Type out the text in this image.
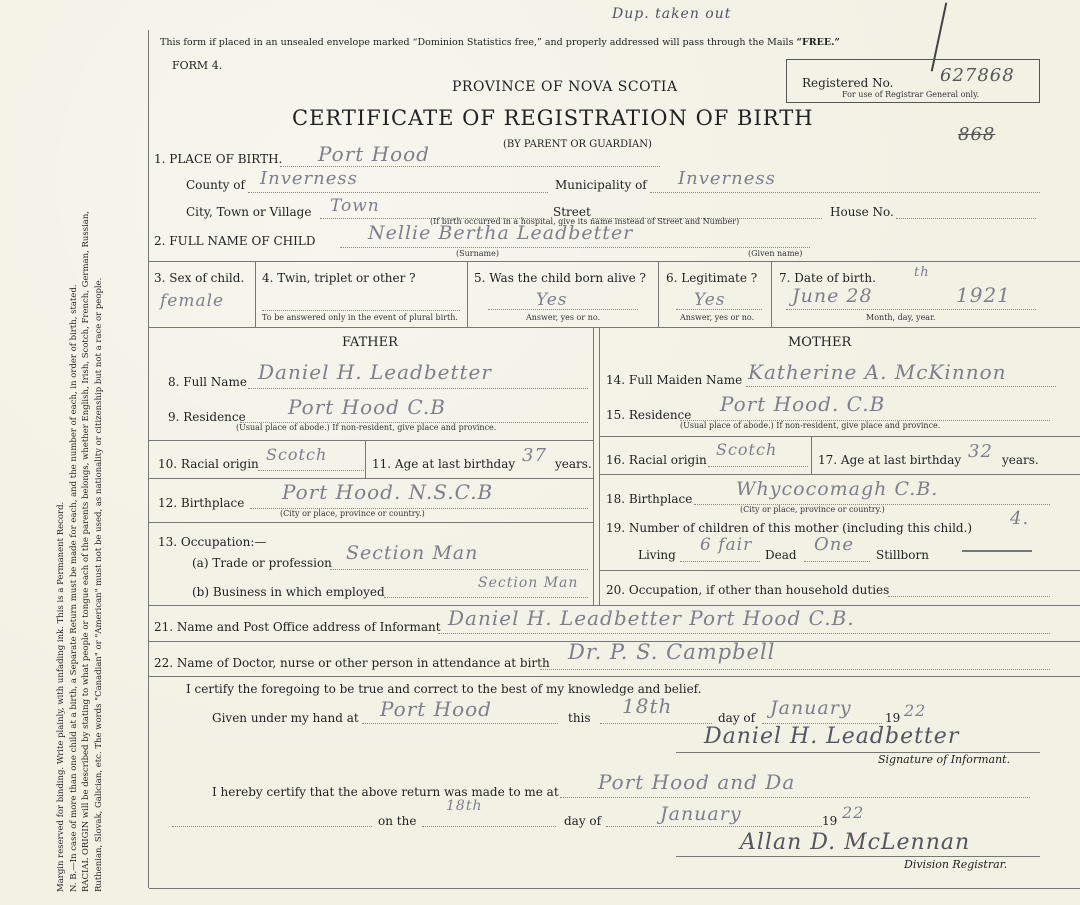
Margin reserved for binding. Write plainly, with unfading ink. This is a Permanent Record. N. B.—In case of more than one child at a birth, a Separate Return must be made for each, and the number of each, in order of birth, stated. RACIAL ORIGIN will be described by stating to what people or tongue each of the parents belongs, whether English, Irish, Scotch, French, German, Russian, Ruthenian, Slovak, Galician, etc. The words "Canadian" or "American" must not be used, as nationality or citizenship but not a race or people.
Dup. taken out
This form if placed in an unsealed envelope marked “Dominion Statistics free,” and properly addressed will pass through the Mails “FREE.”
FORM 4.
PROVINCE OF NOVA SCOTIA
CERTIFICATE OF REGISTRATION OF BIRTH
(BY PARENT OR GUARDIAN)
Registered No.	627868
For use of Registrar General only.
868
1. PLACE OF BIRTH. Port Hood
County of Inverness	Municipality of Inverness
City, Town or Village Town	Street	House No.
(If birth occurred in a hospital, give its name instead of Street and Number)
2. FULL NAME OF CHILD	Nellie Bertha Leadbetter
(Surname)	(Given name)
3. Sex of child.
female
4. Twin, triplet or other ?
To be answered only in the event of plural birth.
5. Was the child born alive ?
Yes
Answer, yes or no.
6. Legitimate ?
Yes
Answer, yes or no.
7. Date of birth.
June 28
th
1921
Month, day, year.
FATHER	MOTHER
8. Full Name Daniel H. Leadbetter
9. Residence Port Hood C.B
(Usual place of abode.) If non-resident, give place and province.
10. Racial origin Scotch	11. Age at last birthday 37 years.
12. Birthplace Port Hood. N.S.C.B
(City or place, province or country.)
13. Occupation:—
(a) Trade or profession Section Man
(b) Business in which employed
Section Man
14. Full Maiden Name Katherine A. McKinnon
15. Residence Port Hood. C.B
(Usual place of abode.) If non-resident, give place and province.
16. Racial origin
Scotch
17. Age at last birthday 32 years.
18. Birthplace Whycocomagh C.B.
(City or place, province or country.)
19. Number of children of this mother (including this child.) 4.
Living 6 fair Dead One Stillborn
20. Occupation, if other than household duties
21. Name and Post Office address of Informant Daniel H. Leadbetter Port Hood C.B.
22. Name of Doctor, nurse or other person in attendance at birth Dr. P. S. Campbell
I certify the foregoing to be true and correct to the best of my knowledge and belief.
Given under my hand at Port Hood	this 18th	day of January	19 22
Daniel H. Leadbetter
Signature of Informant.
I hereby certify that the above return was made to me at Port Hood and Da
on the
18th
day of	January	19 22
Allan D. McLennan
Division Registrar.
